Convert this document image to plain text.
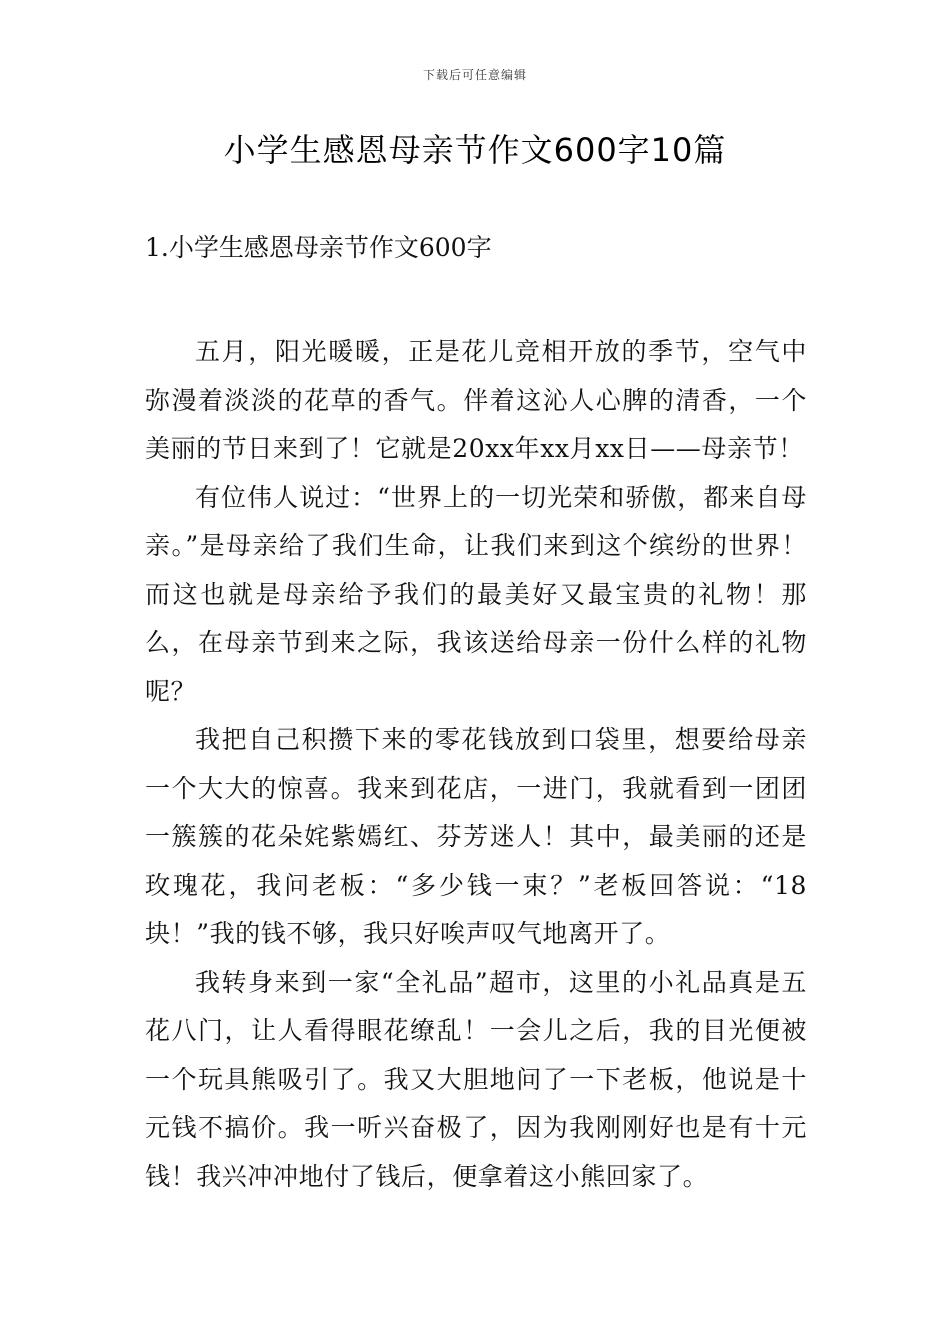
下载后可任意编辑
小学生感恩母亲节作文600字10篇
1.小学生感恩母亲节作文600字

五月，阳光暖暖，正是花儿竞相开放的季节，空气中弥漫着淡淡的花草的香气。伴着这沁人心脾的清香，一个美丽的节日来到了！它就是20xx年xx月xx日——母亲节！

有位伟人说过：“世界上的一切光荣和骄傲，都来自母亲。”是母亲给了我们生命，让我们来到这个缤纷的世界！而这也就是母亲给予我们的最美好又最宝贵的礼物！那么，在母亲节到来之际，我该送给母亲一份什么样的礼物呢？

我把自己积攒下来的零花钱放到口袋里，想要给母亲一个大大的惊喜。我来到花店，一进门，我就看到一团团一簇簇的花朵姹紫嫣红、芬芳迷人！其中，最美丽的还是玫瑰花，我问老板：“多少钱一束？”老板回答说：“18块！”我的钱不够，我只好唉声叹气地离开了。

我转身来到一家“全礼品”超市，这里的小礼品真是五花八门，让人看得眼花缭乱！一会儿之后，我的目光便被一个玩具熊吸引了。我又大胆地问了一下老板，他说是十元钱不搞价。我一听兴奋极了，因为我刚刚好也是有十元钱！我兴冲冲地付了钱后，便拿着这小熊回家了。
